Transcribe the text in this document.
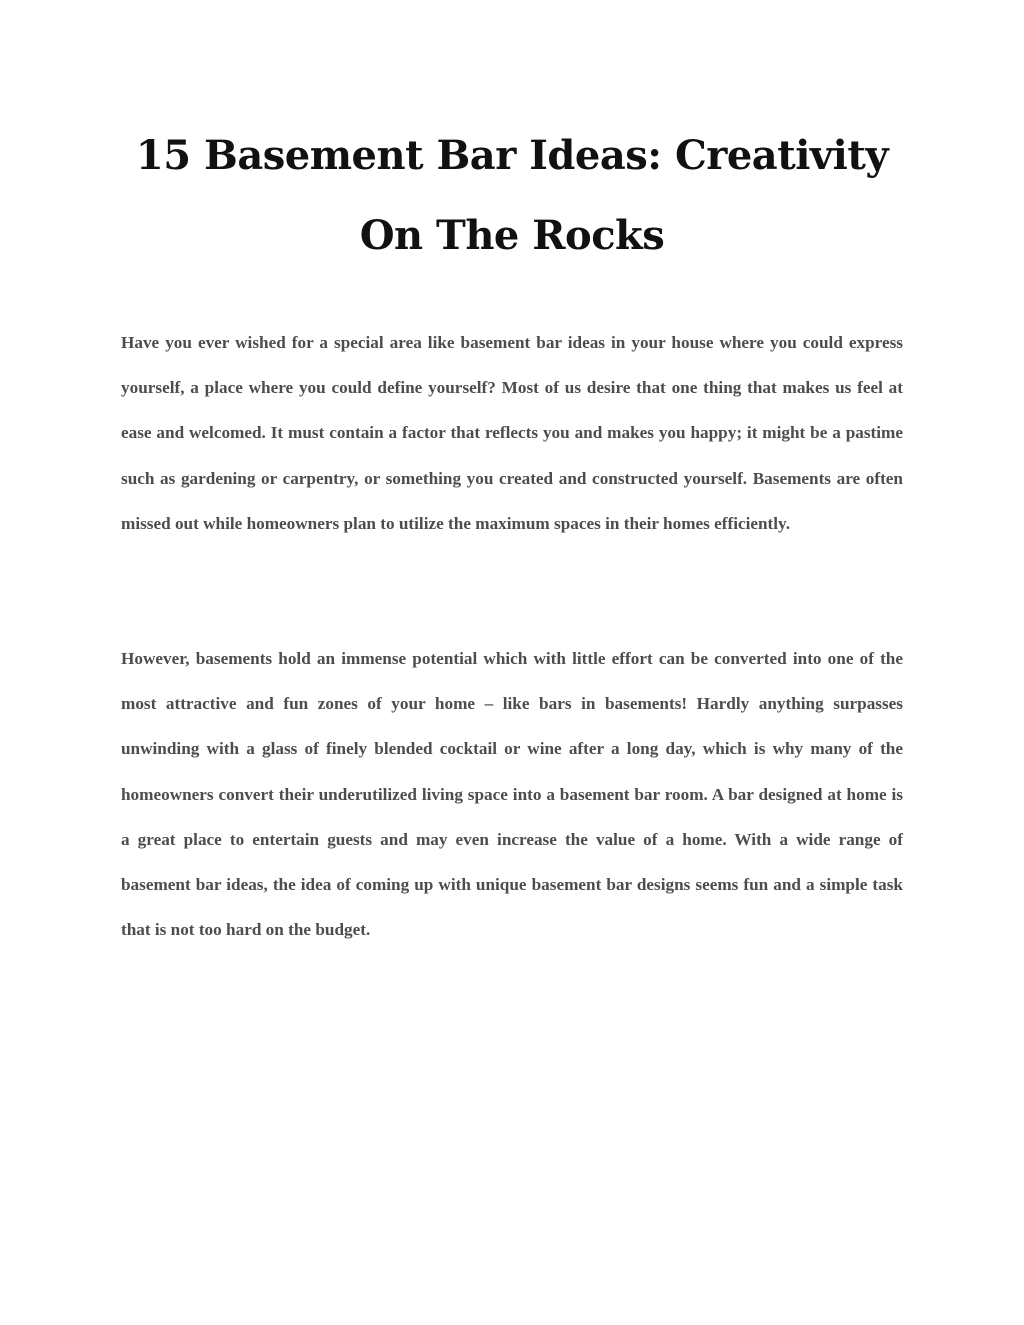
15 Basement Bar Ideas: Creativity On The Rocks

Have you ever wished for a special area like basement bar ideas in your house where you could express yourself, a place where you could define yourself? Most of us desire that one thing that makes us feel at ease and welcomed. It must contain a factor that reflects you and makes you happy; it might be a pastime such as gardening or carpentry, or something you created and constructed yourself. Basements are often missed out while homeowners plan to utilize the maximum spaces in their homes efficiently.

However, basements hold an immense potential which with little effort can be converted into one of the most attractive and fun zones of your home – like bars in basements! Hardly anything surpasses unwinding with a glass of finely blended cocktail or wine after a long day, which is why many of the homeowners convert their underutilized living space into a basement bar room. A bar designed at home is a great place to entertain guests and may even increase the value of a home. With a wide range of basement bar ideas, the idea of coming up with unique basement bar designs seems fun and a simple task that is not too hard on the budget.
